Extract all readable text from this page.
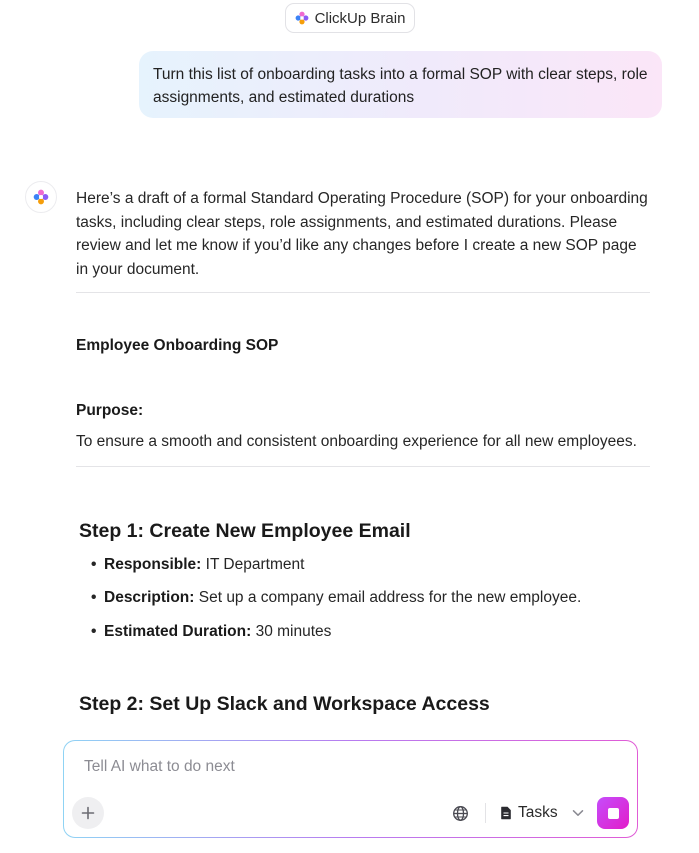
ClickUp Brain
Turn this list of onboarding tasks into a formal SOP with clear steps, role assignments, and estimated durations
Here’s a draft of a formal Standard Operating Procedure (SOP) for your onboarding tasks, including clear steps, role assignments, and estimated durations. Please review and let me know if you’d like any changes before I create a new SOP page in your document.
Employee Onboarding SOP
Purpose:
To ensure a smooth and consistent onboarding experience for all new employees.
Step 1: Create New Employee Email
• Responsible: IT Department
• Description: Set up a company email address for the new employee.
• Estimated Duration: 30 minutes
Step 2: Set Up Slack and Workspace Access
Tell AI what to do next
Tasks
